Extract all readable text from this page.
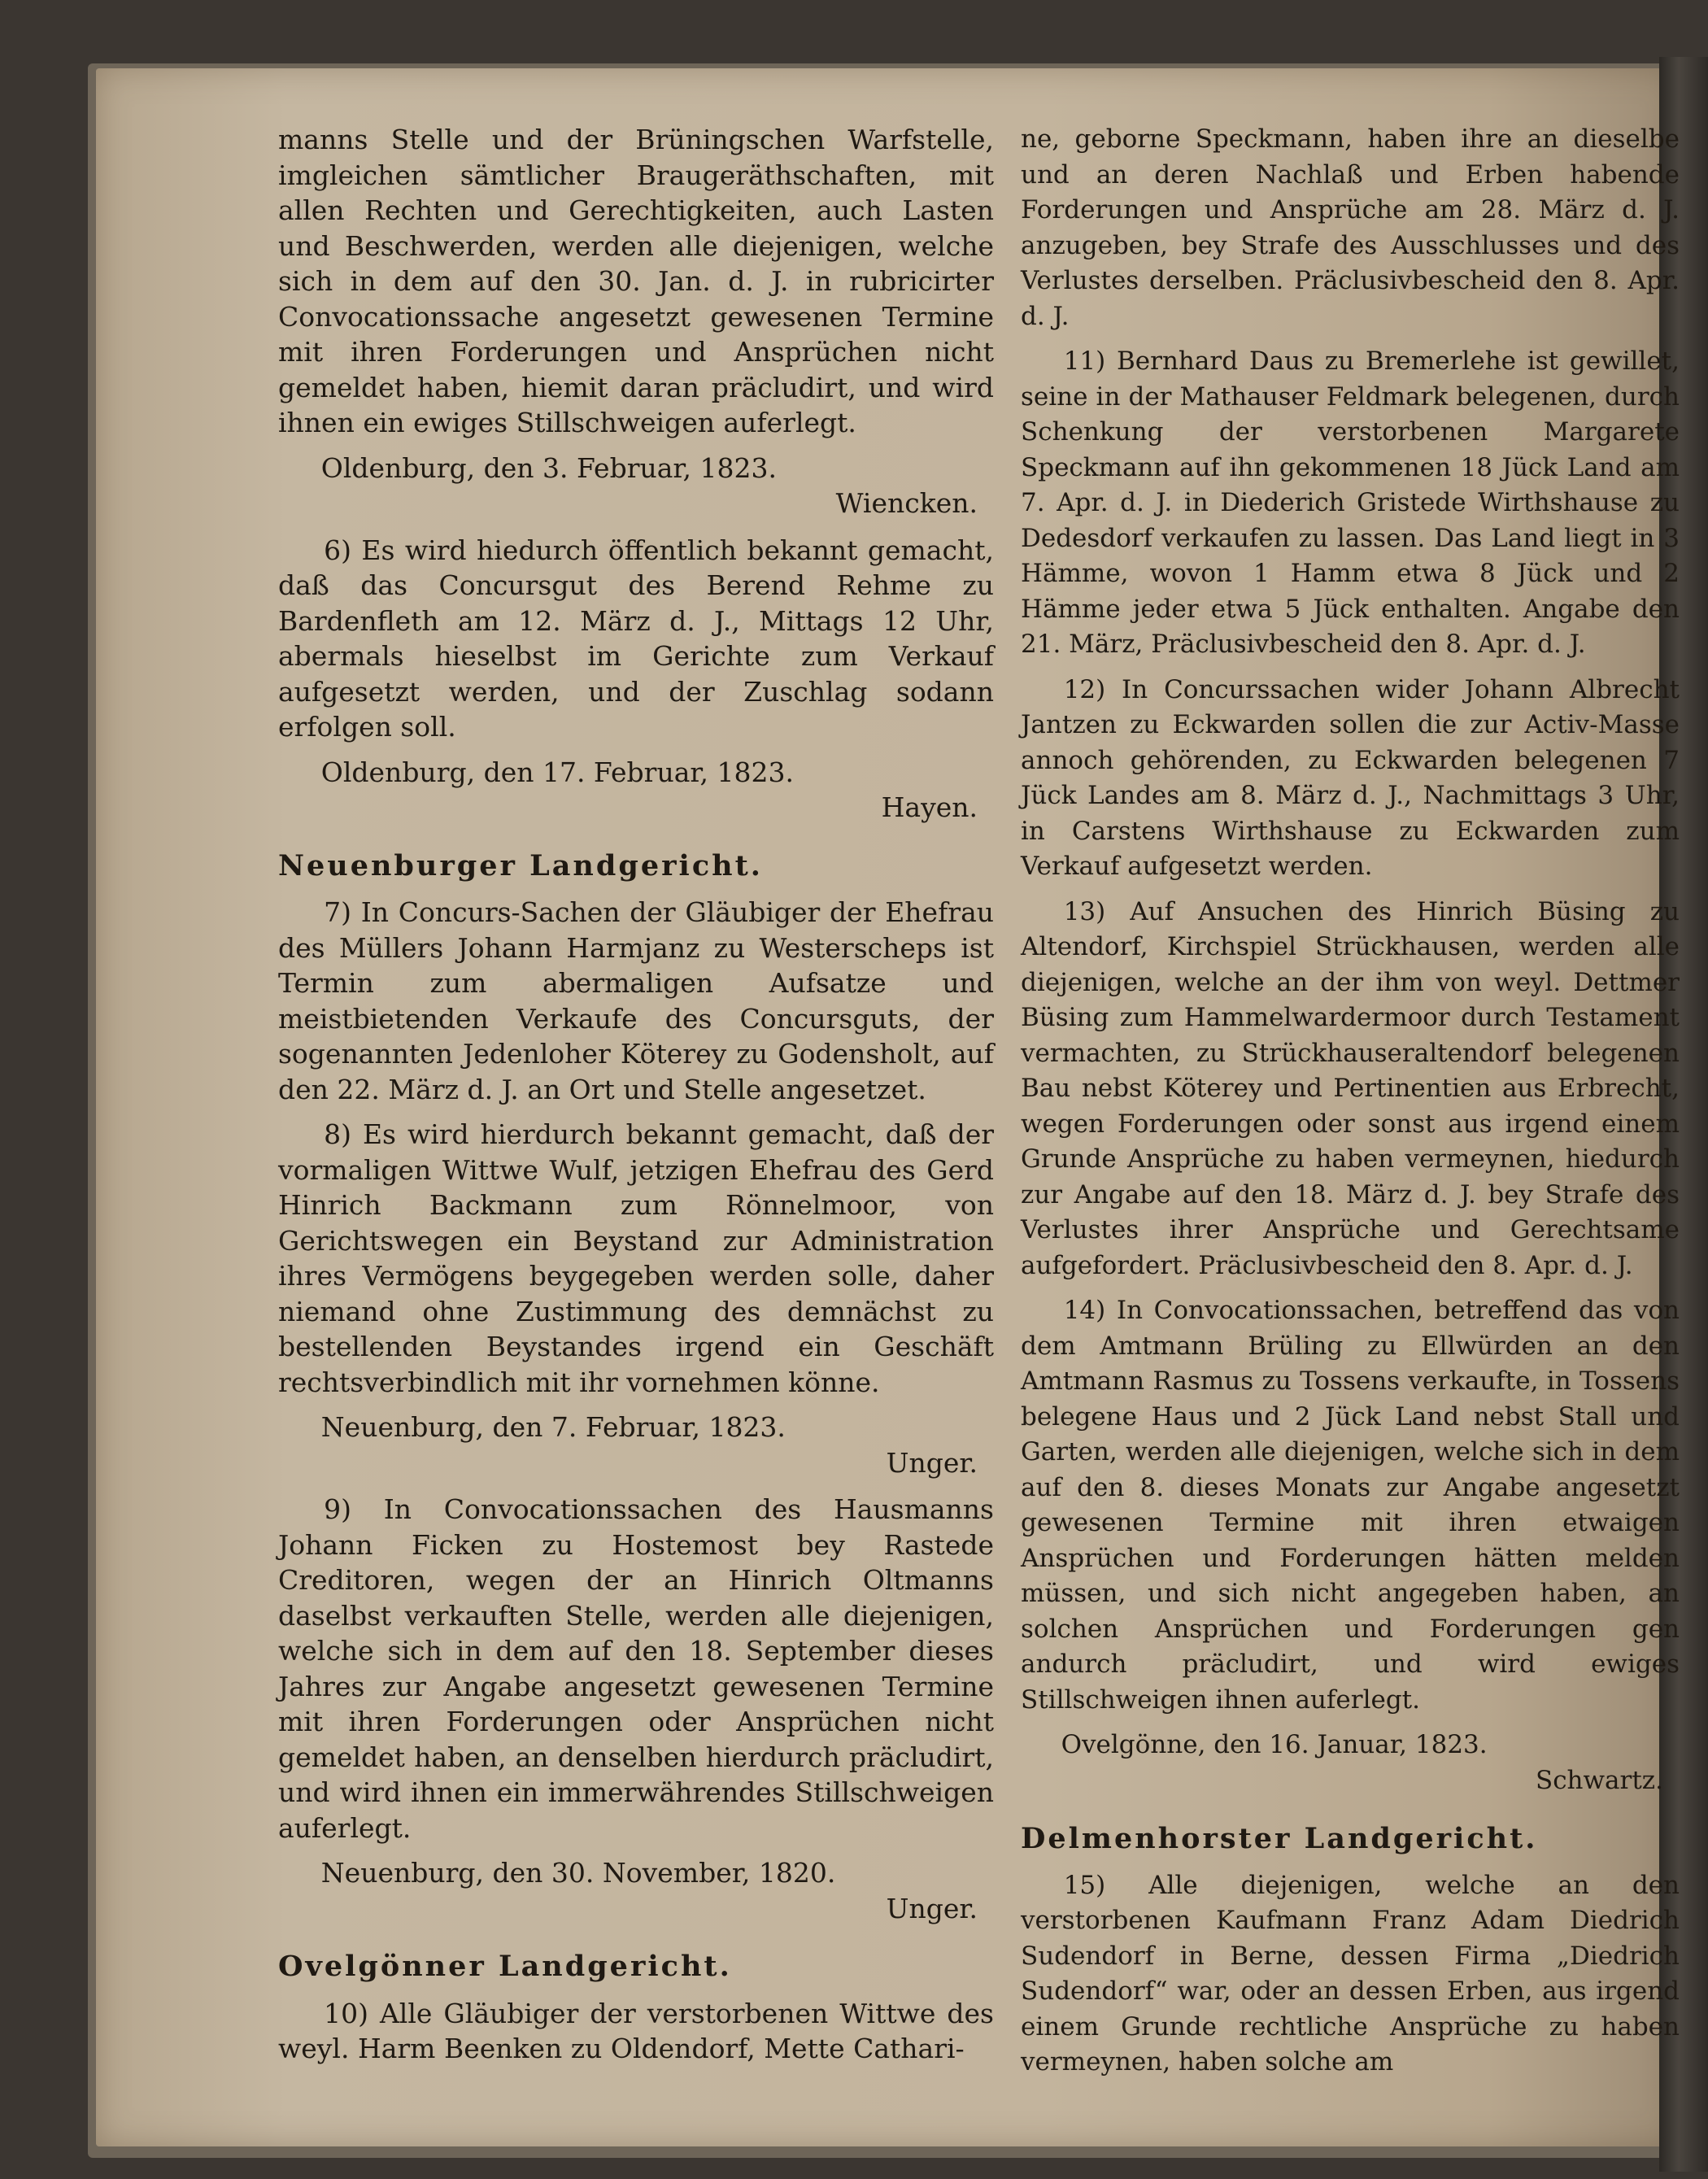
manns Stelle und der Brüningschen Warfstelle, imgleichen sämtlicher Braugeräthschaften, mit allen Rechten und Gerechtigkeiten, auch Lasten und Beschwerden, werden alle diejenigen, welche sich in dem auf den 30. Jan. d. J. in rubricirter Convocationssache angesetzt gewesenen Termine mit ihren Forderungen und Ansprüchen nicht gemeldet haben, hiemit daran präcludirt, und wird ihnen ein ewiges Stillschweigen auferlegt.

Oldenburg, den 3. Februar, 1823.

Wiencken.

6) Es wird hiedurch öffentlich bekannt gemacht, daß das Concursgut des Berend Rehme zu Bardenfleth am 12. März d. J., Mittags 12 Uhr, abermals hieselbst im Gerichte zum Verkauf aufgesetzt werden, und der Zuschlag sodann erfolgen soll.

Oldenburg, den 17. Februar, 1823.

Hayen.

Neuenburger Landgericht.

7) In Concurs-Sachen der Gläubiger der Ehefrau des Müllers Johann Harmjanz zu Westerscheps ist Termin zum abermaligen Aufsatze und meistbietenden Verkaufe des Concursguts, der sogenannten Jedenloher Köterey zu Godensholt, auf den 22. März d. J. an Ort und Stelle angesetzet.

8) Es wird hierdurch bekannt gemacht, daß der vormaligen Wittwe Wulf, jetzigen Ehefrau des Gerd Hinrich Backmann zum Rönnelmoor, von Gerichtswegen ein Beystand zur Administration ihres Vermögens beygegeben werden solle, daher niemand ohne Zustimmung des demnächst zu bestellenden Beystandes irgend ein Geschäft rechtsverbindlich mit ihr vornehmen könne.

Neuenburg, den 7. Februar, 1823.

Unger.

9) In Convocationssachen des Hausmanns Johann Ficken zu Hostemost bey Rastede Creditoren, wegen der an Hinrich Oltmanns daselbst verkauften Stelle, werden alle diejenigen, welche sich in dem auf den 18. September dieses Jahres zur Angabe angesetzt gewesenen Termine mit ihren Forderungen oder Ansprüchen nicht gemeldet haben, an denselben hierdurch präcludirt, und wird ihnen ein immerwährendes Stillschweigen auferlegt.

Neuenburg, den 30. November, 1820.

Unger.

Ovelgönner Landgericht.

10) Alle Gläubiger der verstorbenen Wittwe des weyl. Harm Beenken zu Oldendorf, Mette Cathari-

ne, geborne Speckmann, haben ihre an dieselbe und an deren Nachlaß und Erben habende Forderungen und Ansprüche am 28. März d. J. anzugeben, bey Strafe des Ausschlusses und des Verlustes derselben. Präclusivbescheid den 8. Apr. d. J.

11) Bernhard Daus zu Bremerlehe ist gewillet, seine in der Mathauser Feldmark belegenen, durch Schenkung der verstorbenen Margarete Speckmann auf ihn gekommenen 18 Jück Land am 7. Apr. d. J. in Diederich Gristede Wirthshause zu Dedesdorf verkaufen zu lassen. Das Land liegt in 3 Hämme, wovon 1 Hamm etwa 8 Jück und 2 Hämme jeder etwa 5 Jück enthalten. Angabe den 21. März, Präclusivbescheid den 8. Apr. d. J.

12) In Concurssachen wider Johann Albrecht Jantzen zu Eckwarden sollen die zur Activ-Masse annoch gehörenden, zu Eckwarden belegenen 7 Jück Landes am 8. März d. J., Nachmittags 3 Uhr, in Carstens Wirthshause zu Eckwarden zum Verkauf aufgesetzt werden.

13) Auf Ansuchen des Hinrich Büsing zu Altendorf, Kirchspiel Strückhausen, werden alle diejenigen, welche an der ihm von weyl. Dettmer Büsing zum Hammelwardermoor durch Testament vermachten, zu Strückhauseraltendorf belegenen Bau nebst Köterey und Pertinentien aus Erbrecht, wegen Forderungen oder sonst aus irgend einem Grunde Ansprüche zu haben vermeynen, hiedurch zur Angabe auf den 18. März d. J. bey Strafe des Verlustes ihrer Ansprüche und Gerechtsame aufgefordert. Präclusivbescheid den 8. Apr. d. J.

14) In Convocationssachen, betreffend das von dem Amtmann Brüling zu Ellwürden an den Amtmann Rasmus zu Tossens verkaufte, in Tossens belegene Haus und 2 Jück Land nebst Stall und Garten, werden alle diejenigen, welche sich in dem auf den 8. dieses Monats zur Angabe angesetzt gewesenen Termine mit ihren etwaigen Ansprüchen und Forderungen hätten melden müssen, und sich nicht angegeben haben, an solchen Ansprüchen und Forderungen gen andurch präcludirt, und wird ewiges Stillschweigen ihnen auferlegt.

Ovelgönne, den 16. Januar, 1823.

Schwartz.

Delmenhorster Landgericht.

15) Alle diejenigen, welche an den verstorbenen Kaufmann Franz Adam Diedrich Sudendorf in Berne, dessen Firma „Diedrich Sudendorf“ war, oder an dessen Erben, aus irgend einem Grunde rechtliche Ansprüche zu haben vermeynen, haben solche am
